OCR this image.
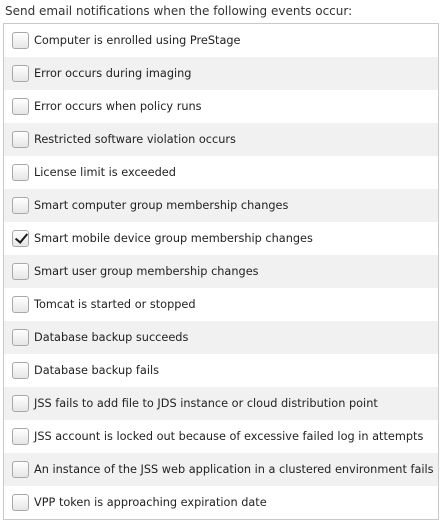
Send email notifications when the following events occur:
Computer is enrolled using PreStage
Error occurs during imaging
Error occurs when policy runs
Restricted software violation occurs
License limit is exceeded
Smart computer group membership changes
Smart mobile device group membership changes
Smart user group membership changes
Tomcat is started or stopped
Database backup succeeds
Database backup fails
JSS fails to add file to JDS instance or cloud distribution point
JSS account is locked out because of excessive failed log in attempts
An instance of the JSS web application in a clustered environment fails
VPP token is approaching expiration date
